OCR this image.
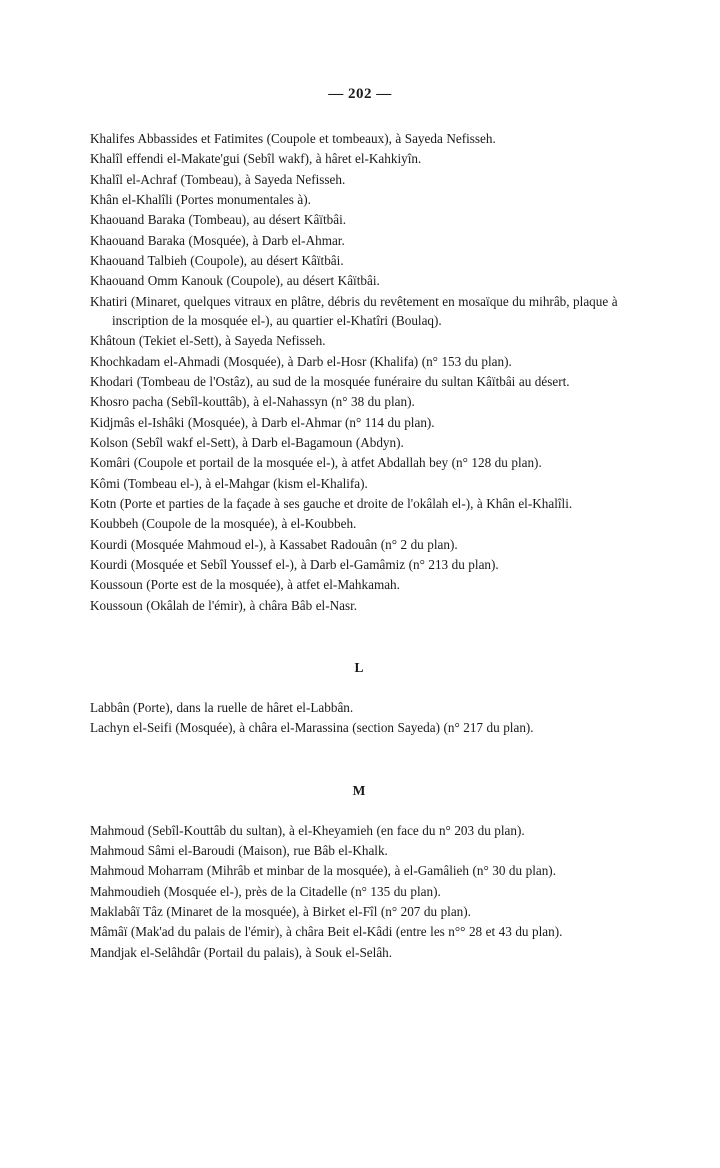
— 202 —

Khalifes Abbassides et Fatimites (Coupole et tombeaux), à Sayeda Nefisseh.

Khalîl effendi el-Makate'gui (Sebîl wakf), à hâret el-Kahkiyîn.

Khalîl el-Achraf (Tombeau), à Sayeda Nefisseh.

Khân el-Khalîli (Portes monumentales à).

Khaouand Baraka (Tombeau), au désert Kâïtbâi.

Khaouand Baraka (Mosquée), à Darb el-Ahmar.

Khaouand Talbieh (Coupole), au désert Kâïtbâi.

Khaouand Omm Kanouk (Coupole), au désert Kâïtbâi.

Khatiri (Minaret, quelques vitraux en plâtre, débris du revêtement en mosaïque du mihrâb, plaque à inscription de la mosquée el-), au quartier el-Khatîri (Boulaq).

Khâtoun (Tekiet el-Sett), à Sayeda Nefisseh.

Khochkadam el-Ahmadi (Mosquée), à Darb el-Hosr (Khalifa) (n° 153 du plan).

Khodari (Tombeau de l'Ostâz), au sud de la mosquée funéraire du sultan Kâïtbâi au désert.

Khosro pacha (Sebîl-kouttâb), à el-Nahassyn (n° 38 du plan).

Kidjmâs el-Ishâki (Mosquée), à Darb el-Ahmar (n° 114 du plan).

Kolson (Sebîl wakf el-Sett), à Darb el-Bagamoun (Abdyn).

Komâri (Coupole et portail de la mosquée el-), à atfet Abdallah bey (n° 128 du plan).

Kômi (Tombeau el-), à el-Mahgar (kism el-Khalifa).

Kotn (Porte et parties de la façade à ses gauche et droite de l'okâlah el-), à Khân el-Khalîli.

Koubbeh (Coupole de la mosquée), à el-Koubbeh.

Kourdi (Mosquée Mahmoud el-), à Kassabet Radouân (n° 2 du plan).

Kourdi (Mosquée et Sebîl Youssef el-), à Darb el-Gamâmiz (n° 213 du plan).

Koussoun (Porte est de la mosquée), à atfet el-Mahkamah.

Koussoun (Okâlah de l'émir), à châra Bâb el-Nasr.

L

Labbân (Porte), dans la ruelle de hâret el-Labbân.

Lachyn el-Seifi (Mosquée), à châra el-Marassina (section Sayeda) (n° 217 du plan).

M

Mahmoud (Sebîl-Kouttâb du sultan), à el-Kheyamieh (en face du n° 203 du plan).

Mahmoud Sâmi el-Baroudi (Maison), rue Bâb el-Khalk.

Mahmoud Moharram (Mihrâb et minbar de la mosquée), à el-Gamâlieh (n° 30 du plan).

Mahmoudieh (Mosquée el-), près de la Citadelle (n° 135 du plan).

Maklabâï Tâz (Minaret de la mosquée), à Birket el-Fîl (n° 207 du plan).

Mâmâï (Mak'ad du palais de l'émir), à châra Beit el-Kâdi (entre les n°° 28 et 43 du plan).

Mandjak el-Selâhdâr (Portail du palais), à Souk el-Selâh.
